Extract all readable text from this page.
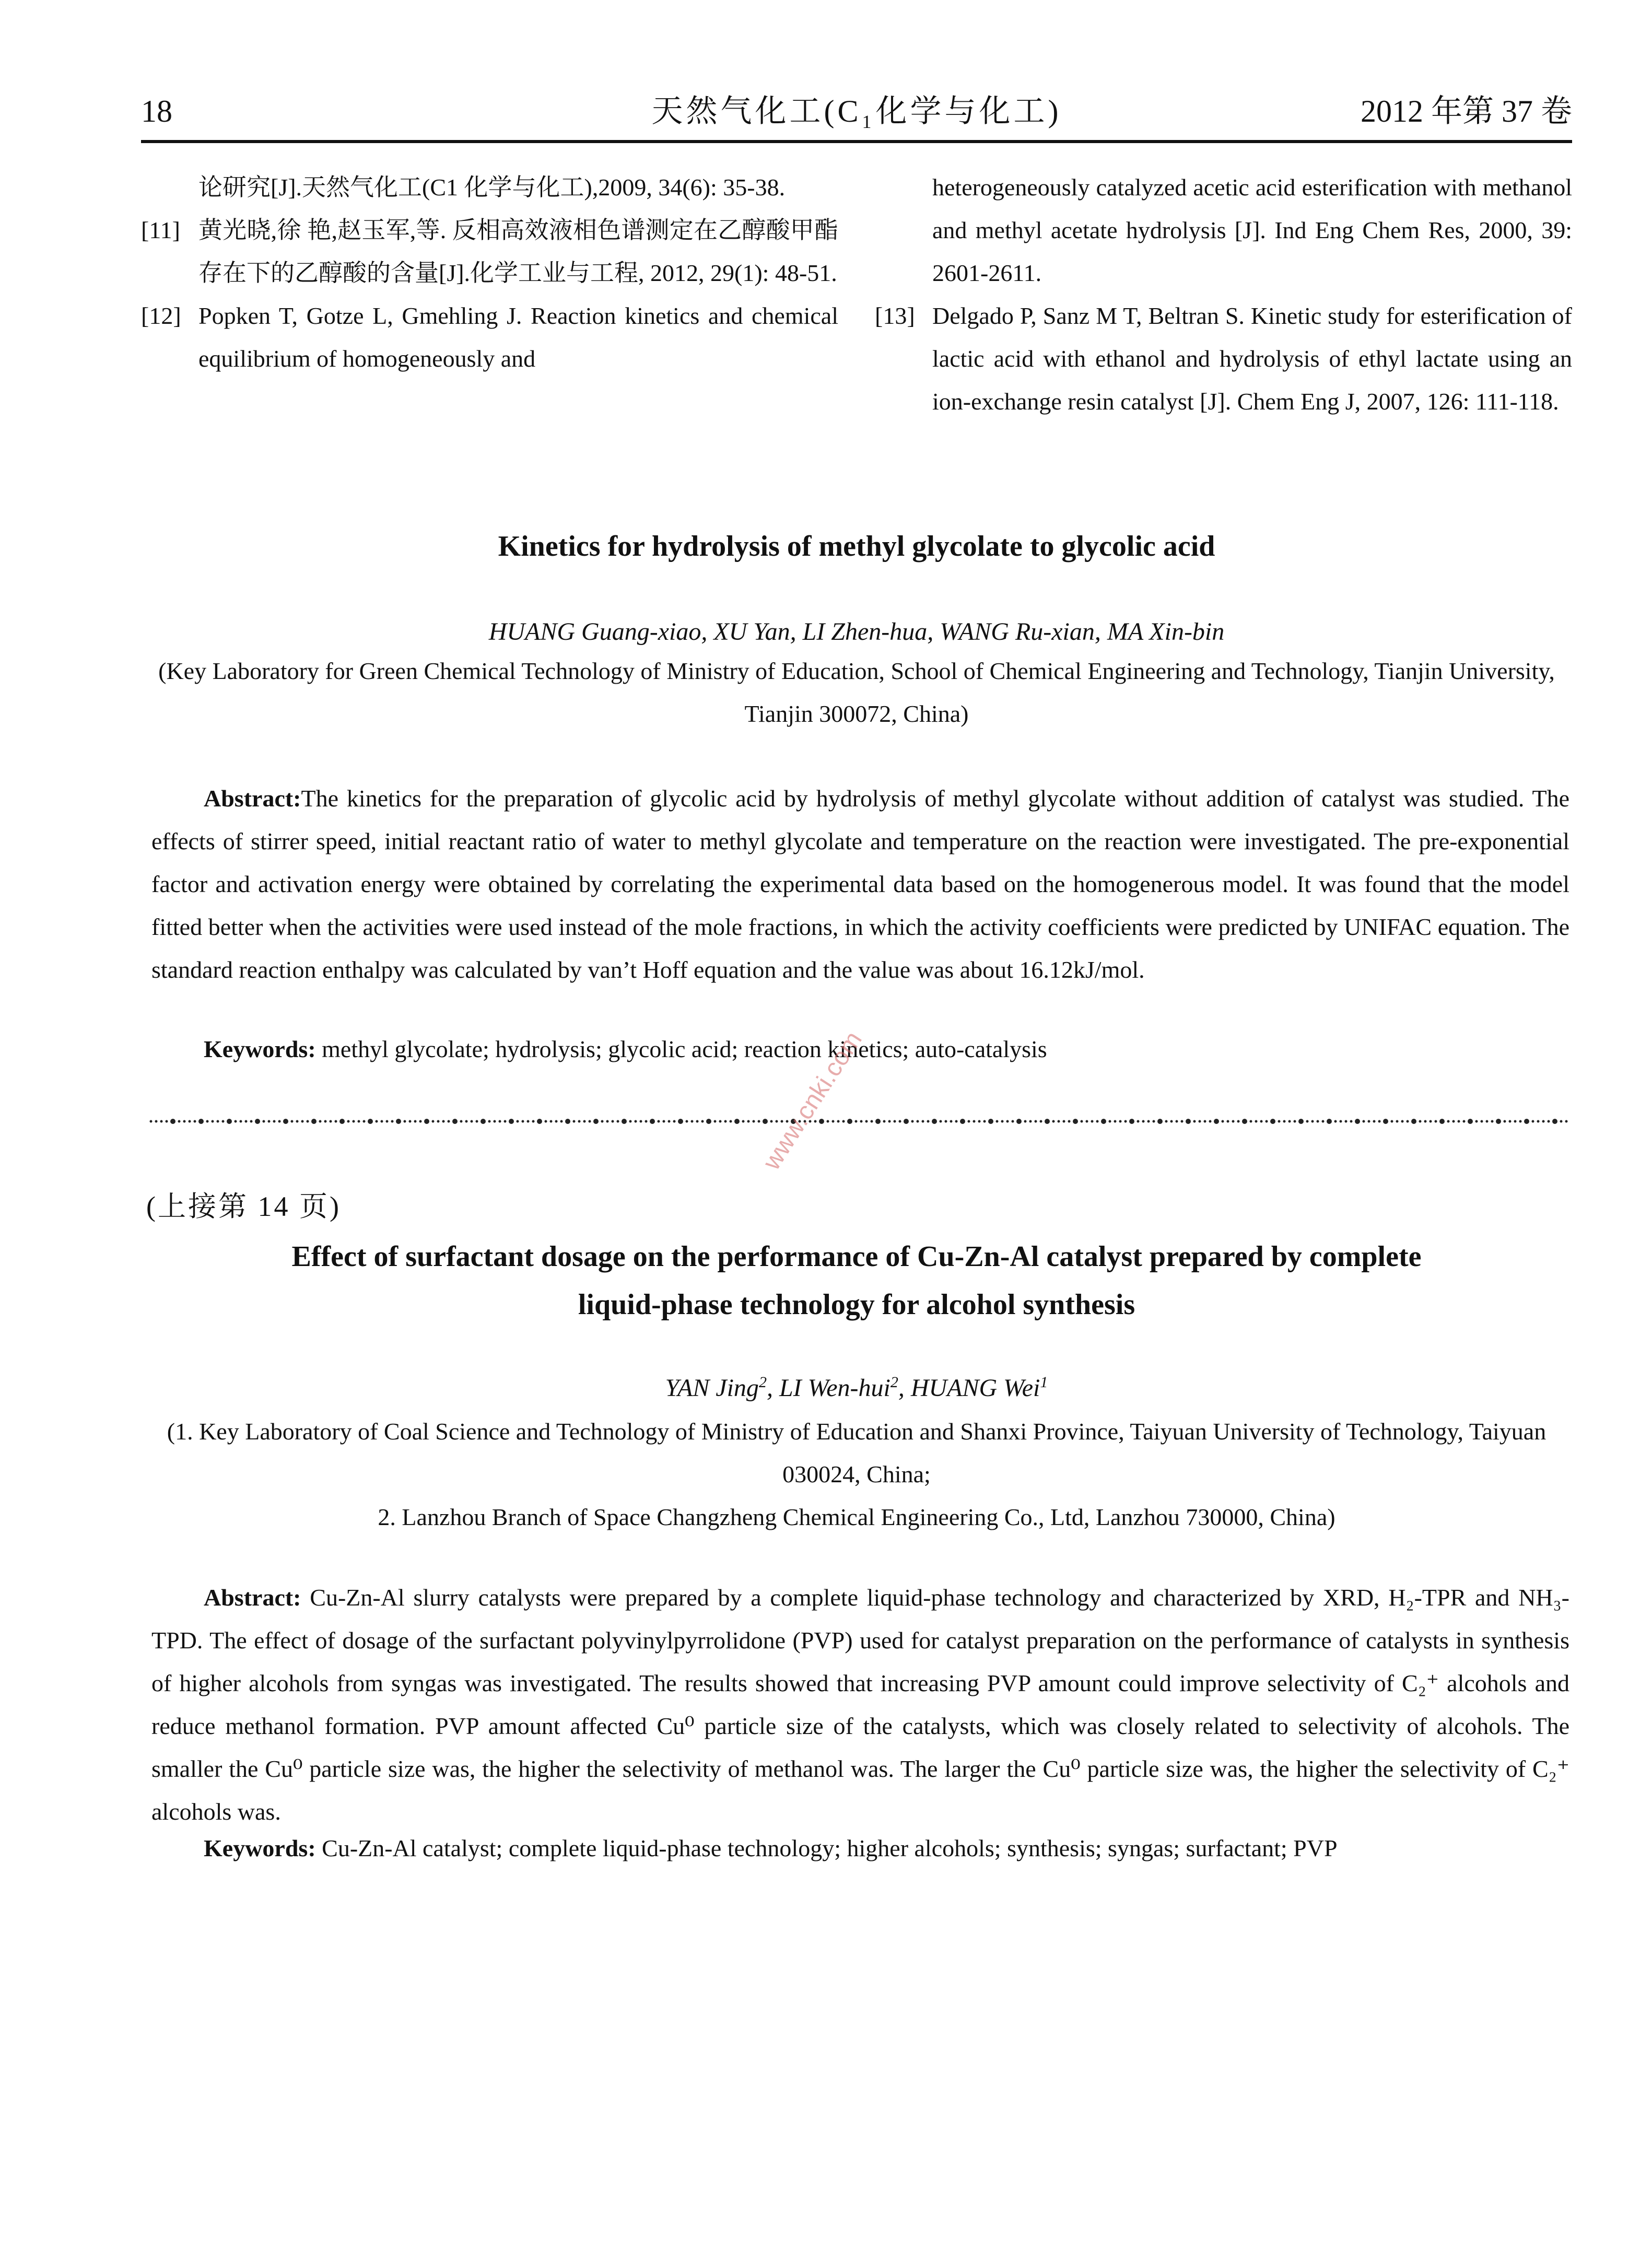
18	天然气化工(C₁化学与化工)	2012 年第 37 卷
论研究[J].天然气化工(C1 化学与化工),2009, 34(6): 35-38.
[11] 黄光晓,徐 艳,赵玉军,等. 反相高效液相色谱测定在乙醇酸甲酯存在下的乙醇酸的含量[J].化学工业与工程, 2012, 29(1): 48-51.
[12] Popken T, Gotze L, Gmehling J. Reaction kinetics and chemical equilibrium of homogeneously and
heterogeneously catalyzed acetic acid esterification with methanol and methyl acetate hydrolysis [J]. Ind Eng Chem Res, 2000, 39: 2601-2611.
[13] Delgado P, Sanz M T, Beltran S. Kinetic study for esterification of lactic acid with ethanol and hydrolysis of ethyl lactate using an ion-exchange resin catalyst [J]. Chem Eng J, 2007, 126: 111-118.
Kinetics for hydrolysis of methyl glycolate to glycolic acid
HUANG Guang-xiao, XU Yan, LI Zhen-hua, WANG Ru-xian, MA Xin-bin
(Key Laboratory for Green Chemical Technology of Ministry of Education, School of Chemical Engineering and Technology, Tianjin University, Tianjin 300072, China)

Abstract:The kinetics for the preparation of glycolic acid by hydrolysis of methyl glycolate without addition of catalyst was studied. The effects of stirrer speed, initial reactant ratio of water to methyl glycolate and temperature on the reaction were investigated. The pre-exponential factor and activation energy were obtained by correlating the experimental data based on the homogenerous model. It was found that the model fitted better when the activities were used instead of the mole fractions, in which the activity coefficients were predicted by UNIFAC equation. The standard reaction enthalpy was calculated by van’t Hoff equation and the value was about 16.12kJ/mol.

Keywords: methyl glycolate; hydrolysis; glycolic acid; reaction kinetics; auto-catalysis

www.cnki.com
(上接第 14 页)
Effect of surfactant dosage on the performance of Cu-Zn-Al catalyst prepared by complete
liquid-phase technology for alcohol synthesis
YAN Jing$^2$, LI Wen-hui$^2$, HUANG Wei$^1$
(1. Key Laboratory of Coal Science and Technology of Ministry of Education and Shanxi Province, Taiyuan University of Technology, Taiyuan 030024, China;
2. Lanzhou Branch of Space Changzheng Chemical Engineering Co., Ltd, Lanzhou 730000, China)

Abstract: Cu-Zn-Al slurry catalysts were prepared by a complete liquid-phase technology and characterized by XRD, H₂-TPR and NH₃-TPD. The effect of dosage of the surfactant polyvinylpyrrolidone (PVP) used for catalyst preparation on the performance of catalysts in synthesis of higher alcohols from syngas was investigated. The results showed that increasing PVP amount could improve selectivity of C₂⁺ alcohols and reduce methanol formation. PVP amount affected Cu⁰ particle size of the catalysts, which was closely related to selectivity of alcohols. The smaller the Cu⁰ particle size was, the higher the selectivity of methanol was. The larger the Cu⁰ particle size was, the higher the selectivity of C₂⁺ alcohols was.

Keywords: Cu-Zn-Al catalyst; complete liquid-phase technology; higher alcohols; synthesis; syngas; surfactant; PVP
